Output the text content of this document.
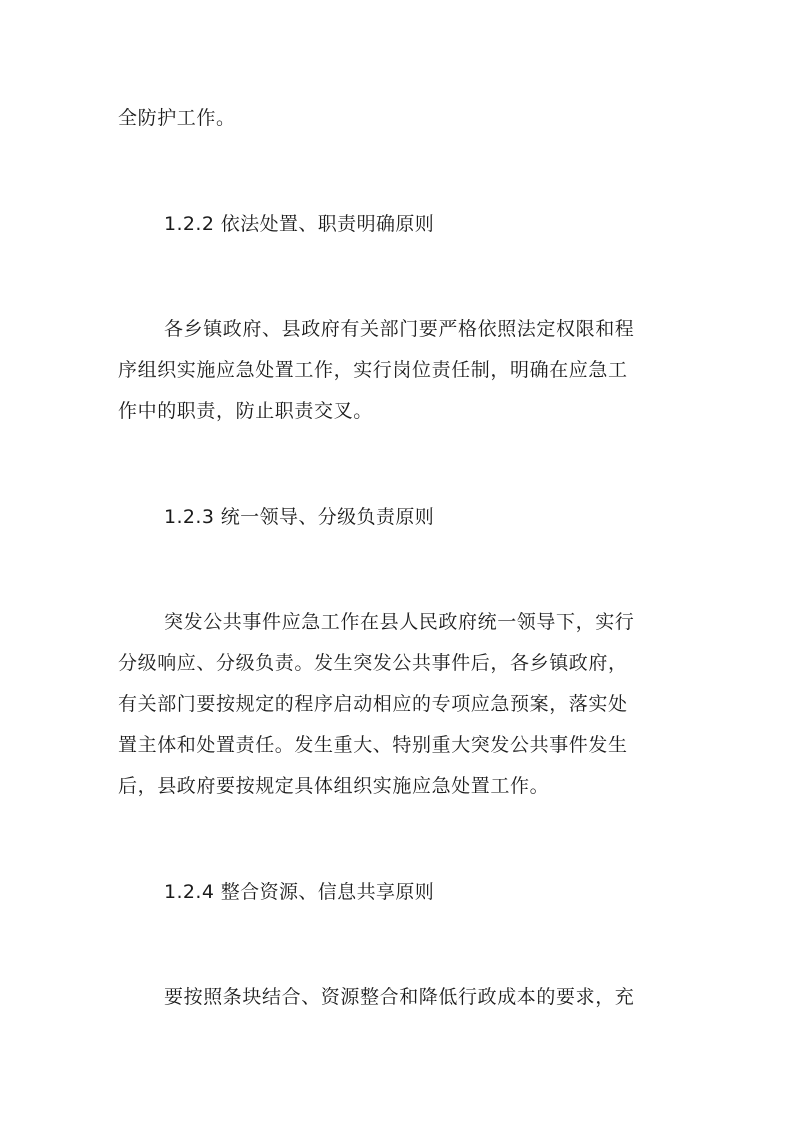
全防护工作。
1.2.2 依法处置、职责明确原则
各乡镇政府、县政府有关部门要严格依照法定权限和程
序组织实施应急处置工作，实行岗位责任制，明确在应急工
作中的职责，防止职责交叉。
1.2.3 统一领导、分级负责原则
突发公共事件应急工作在县人民政府统一领导下，实行
分级响应、分级负责。发生突发公共事件后，各乡镇政府，
有关部门要按规定的程序启动相应的专项应急预案，落实处
置主体和处置责任。发生重大、特别重大突发公共事件发生
后，县政府要按规定具体组织实施应急处置工作。
1.2.4 整合资源、信息共享原则
要按照条块结合、资源整合和降低行政成本的要求，充
